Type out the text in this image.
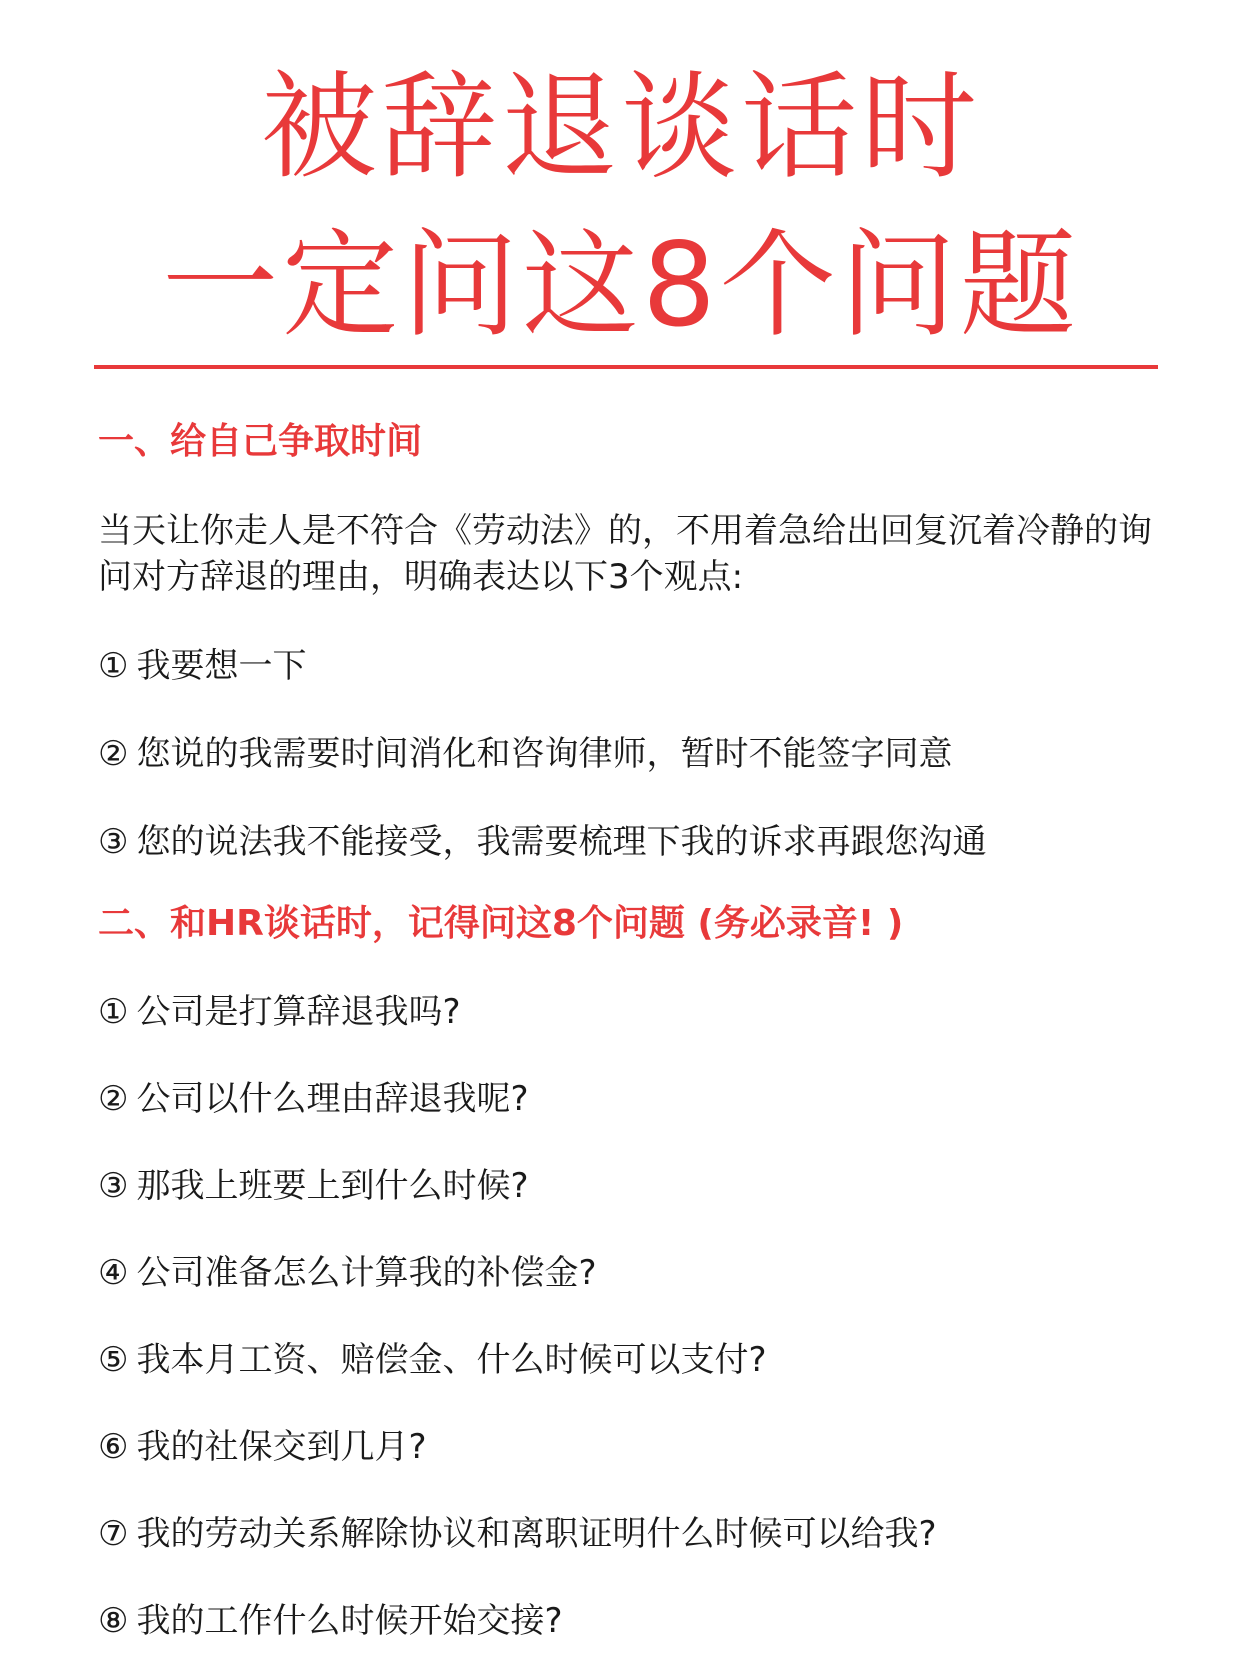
被辞退谈话时
一定问这8个问题
一、给自己争取时间
当天让你走人是不符合《劳动法》的，不用着急给出回复沉着冷静的询问对方辞退的理由，明确表达以下3个观点:
① 我要想一下
② 您说的我需要时间消化和咨询律师，暂时不能签字同意
③ 您的说法我不能接受，我需要梳理下我的诉求再跟您沟通
二、和HR谈话时，记得问这8个问题 (务必录音! )
① 公司是打算辞退我吗?
② 公司以什么理由辞退我呢?
③ 那我上班要上到什么时候?
④ 公司准备怎么计算我的补偿金?
⑤ 我本月工资、赔偿金、什么时候可以支付?
⑥ 我的社保交到几月?
⑦ 我的劳动关系解除协议和离职证明什么时候可以给我?
⑧ 我的工作什么时候开始交接?
